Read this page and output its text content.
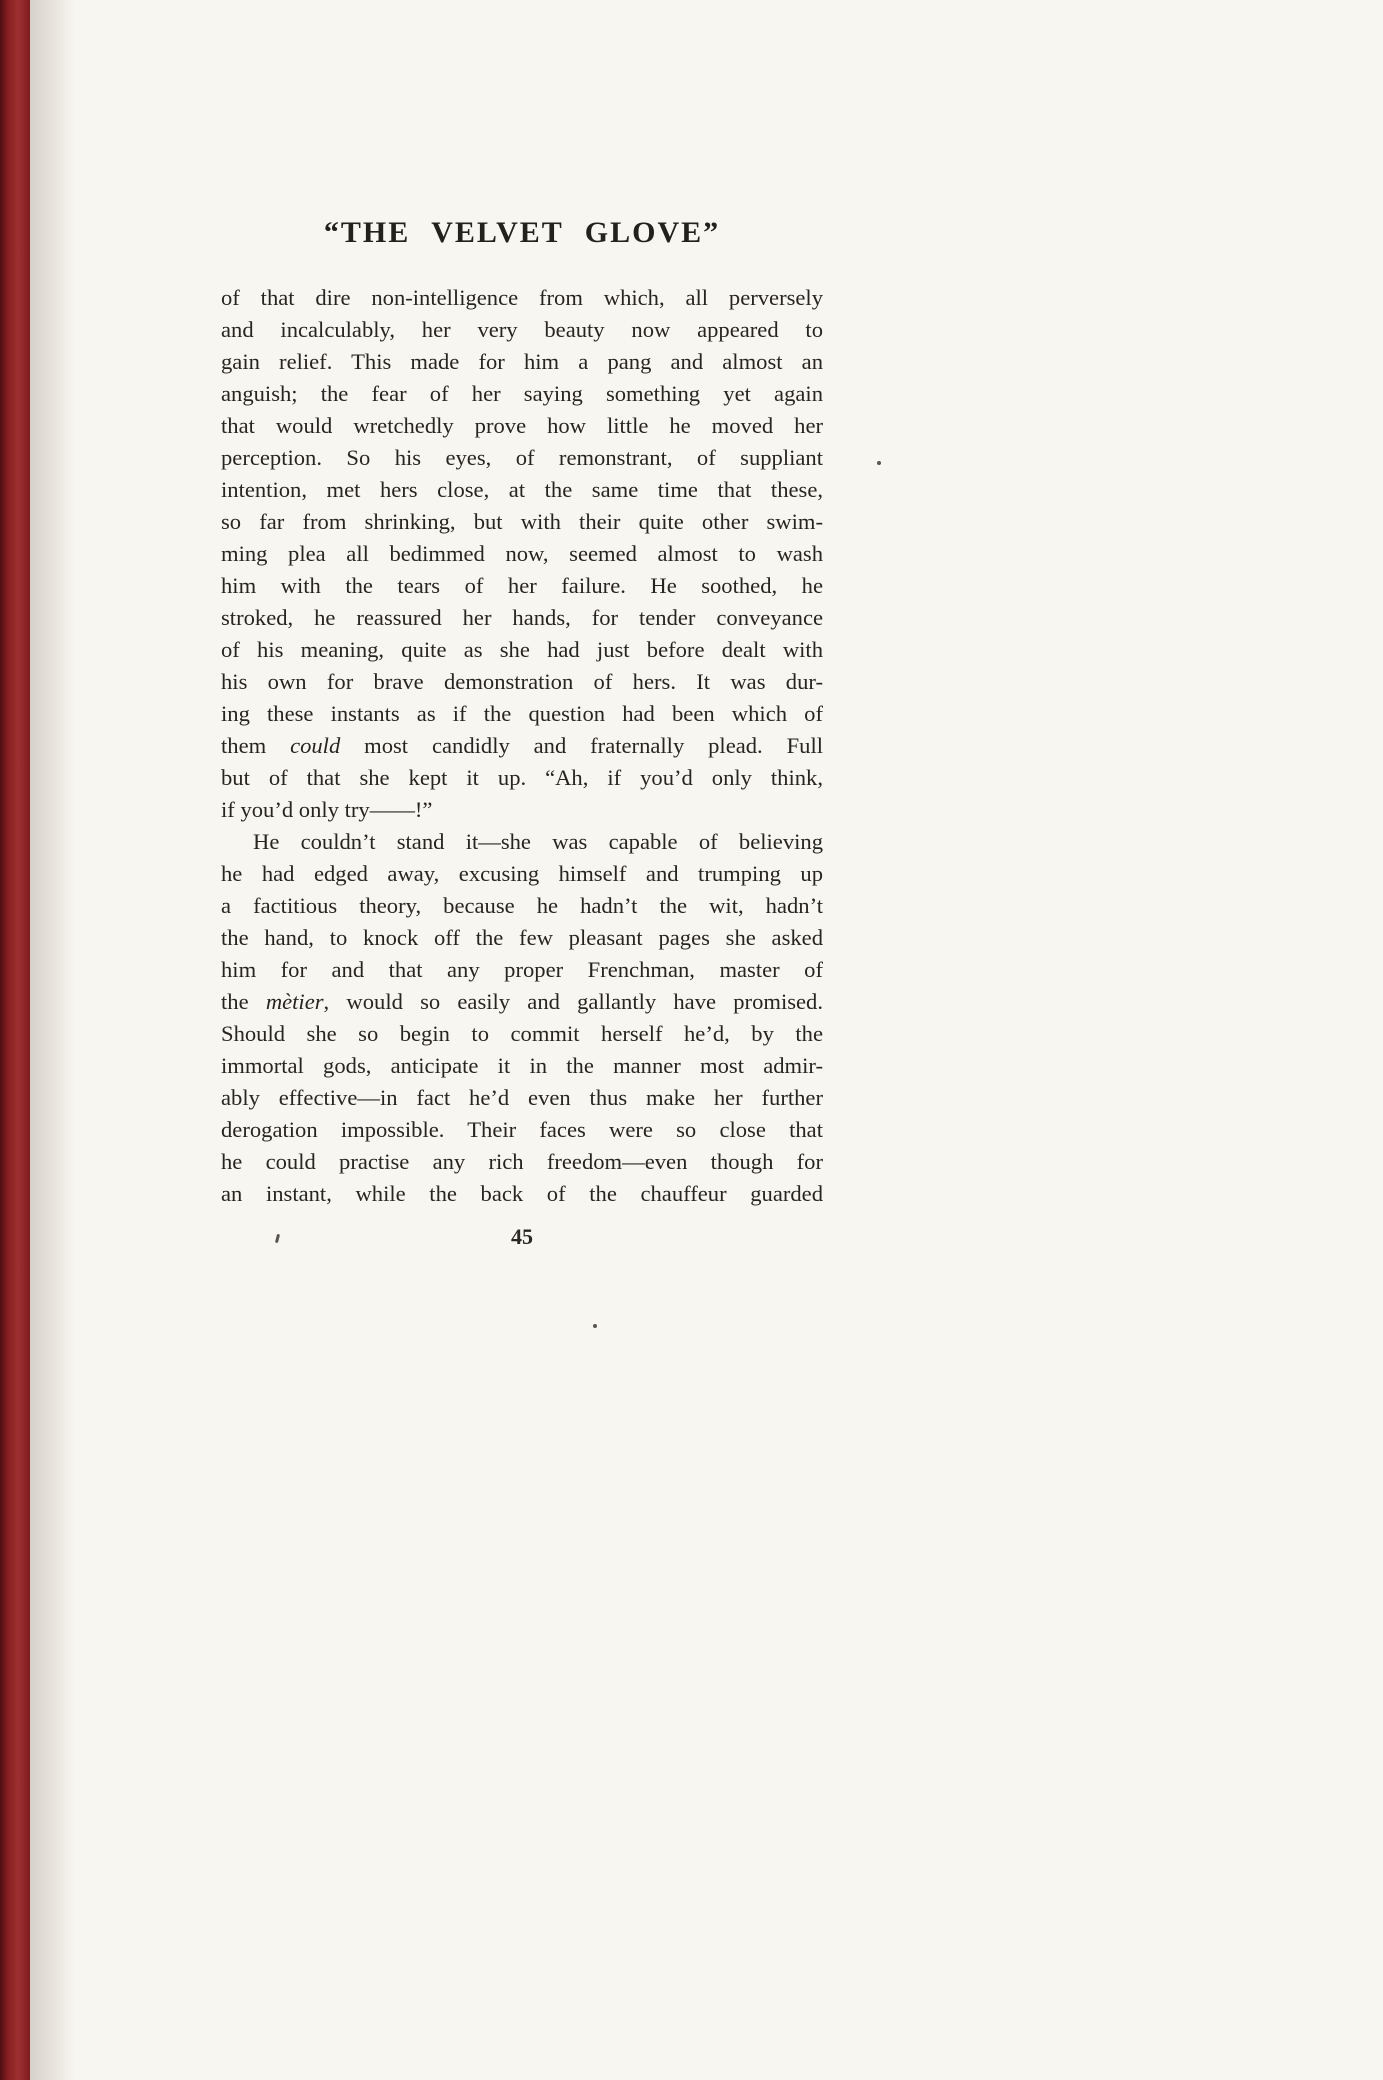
“THE VELVET GLOVE”
of that dire non-intelligence from which, all perversely
and incalculably, her very beauty now appeared to
gain relief. This made for him a pang and almost an
anguish; the fear of her saying something yet again
that would wretchedly prove how little he moved her
perception. So his eyes, of remonstrant, of suppliant
intention, met hers close, at the same time that these,
so far from shrinking, but with their quite other swim-
ming plea all bedimmed now, seemed almost to wash
him with the tears of her failure. He soothed, he
stroked, he reassured her hands, for tender conveyance
of his meaning, quite as she had just before dealt with
his own for brave demonstration of hers. It was dur-
ing these instants as if the question had been which of
them could most candidly and fraternally plead. Full
but of that she kept it up. “Ah, if you’d only think,
if you’d only try——!”
He couldn’t stand it—she was capable of believing
he had edged away, excusing himself and trumping up
a factitious theory, because he hadn’t the wit, hadn’t
the hand, to knock off the few pleasant pages she asked
him for and that any proper Frenchman, master of
the mètier, would so easily and gallantly have promised.
Should she so begin to commit herself he’d, by the
immortal gods, anticipate it in the manner most admir-
ably effective—in fact he’d even thus make her further
derogation impossible. Their faces were so close that
he could practise any rich freedom—even though for
an instant, while the back of the chauffeur guarded
45
